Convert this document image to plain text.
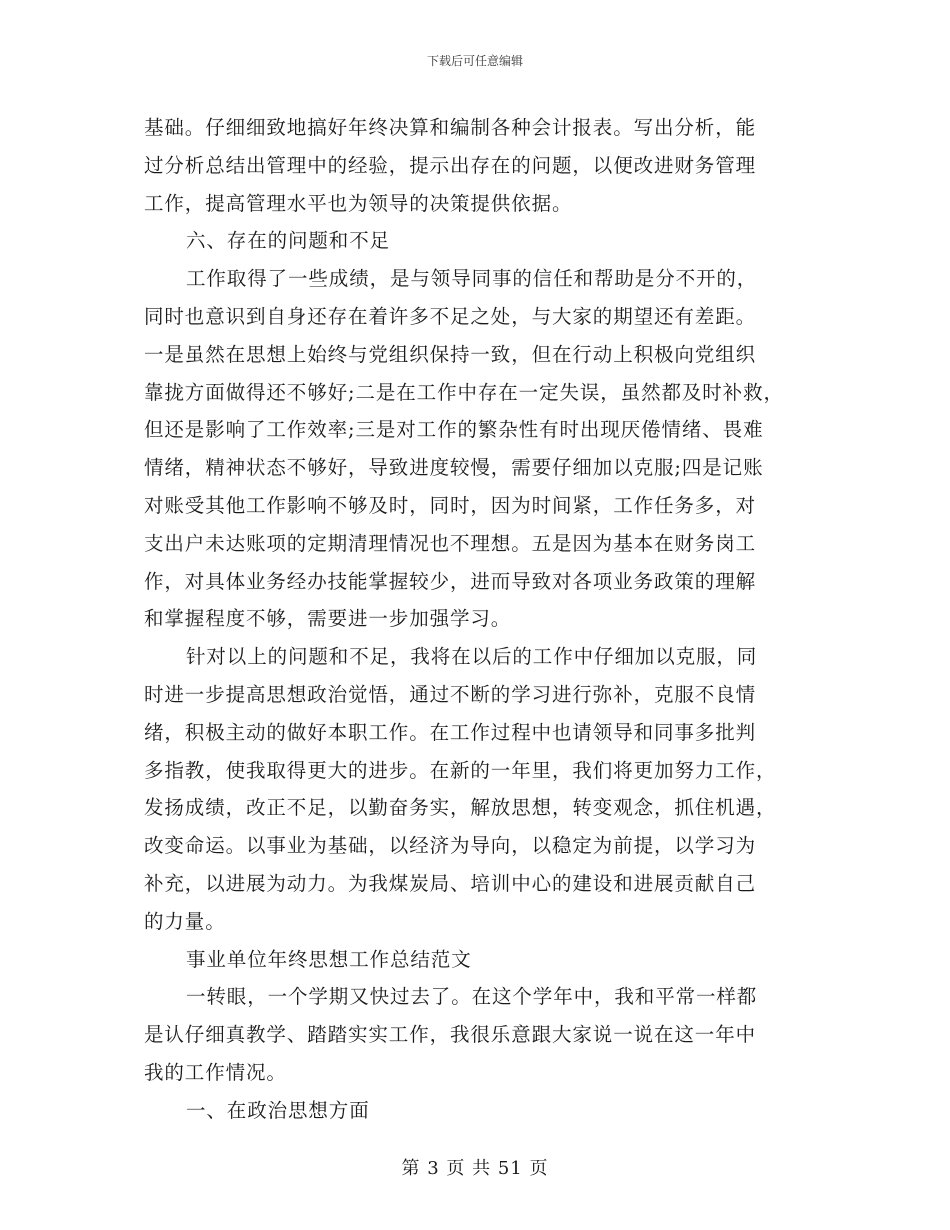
下载后可任意编辑
基础。仔细细致地搞好年终决算和编制各种会计报表。写出分析，能
过分析总结出管理中的经验，提示出存在的问题，以便改进财务管理
工作，提高管理水平也为领导的决策提供依据。
六、存在的问题和不足
工作取得了一些成绩，是与领导同事的信任和帮助是分不开的，
同时也意识到自身还存在着许多不足之处，与大家的期望还有差距。
一是虽然在思想上始终与党组织保持一致，但在行动上积极向党组织
靠拢方面做得还不够好;二是在工作中存在一定失误，虽然都及时补救，
但还是影响了工作效率;三是对工作的繁杂性有时出现厌倦情绪、畏难
情绪，精神状态不够好，导致进度较慢，需要仔细加以克服;四是记账
对账受其他工作影响不够及时，同时，因为时间紧，工作任务多，对
支出户未达账项的定期清理情况也不理想。五是因为基本在财务岗工
作，对具体业务经办技能掌握较少，进而导致对各项业务政策的理解
和掌握程度不够，需要进一步加强学习。
针对以上的问题和不足，我将在以后的工作中仔细加以克服，同
时进一步提高思想政治觉悟，通过不断的学习进行弥补，克服不良情
绪，积极主动的做好本职工作。在工作过程中也请领导和同事多批判
多指教，使我取得更大的进步。在新的一年里，我们将更加努力工作，
发扬成绩，改正不足，以勤奋务实，解放思想，转变观念，抓住机遇，
改变命运。以事业为基础，以经济为导向，以稳定为前提，以学习为
补充，以进展为动力。为我煤炭局、培训中心的建设和进展贡献自己
的力量。
事业单位年终思想工作总结范文
一转眼，一个学期又快过去了。在这个学年中，我和平常一样都
是认仔细真教学、踏踏实实工作，我很乐意跟大家说一说在这一年中
我的工作情况。
一、在政治思想方面
第 3 页 共 51 页
